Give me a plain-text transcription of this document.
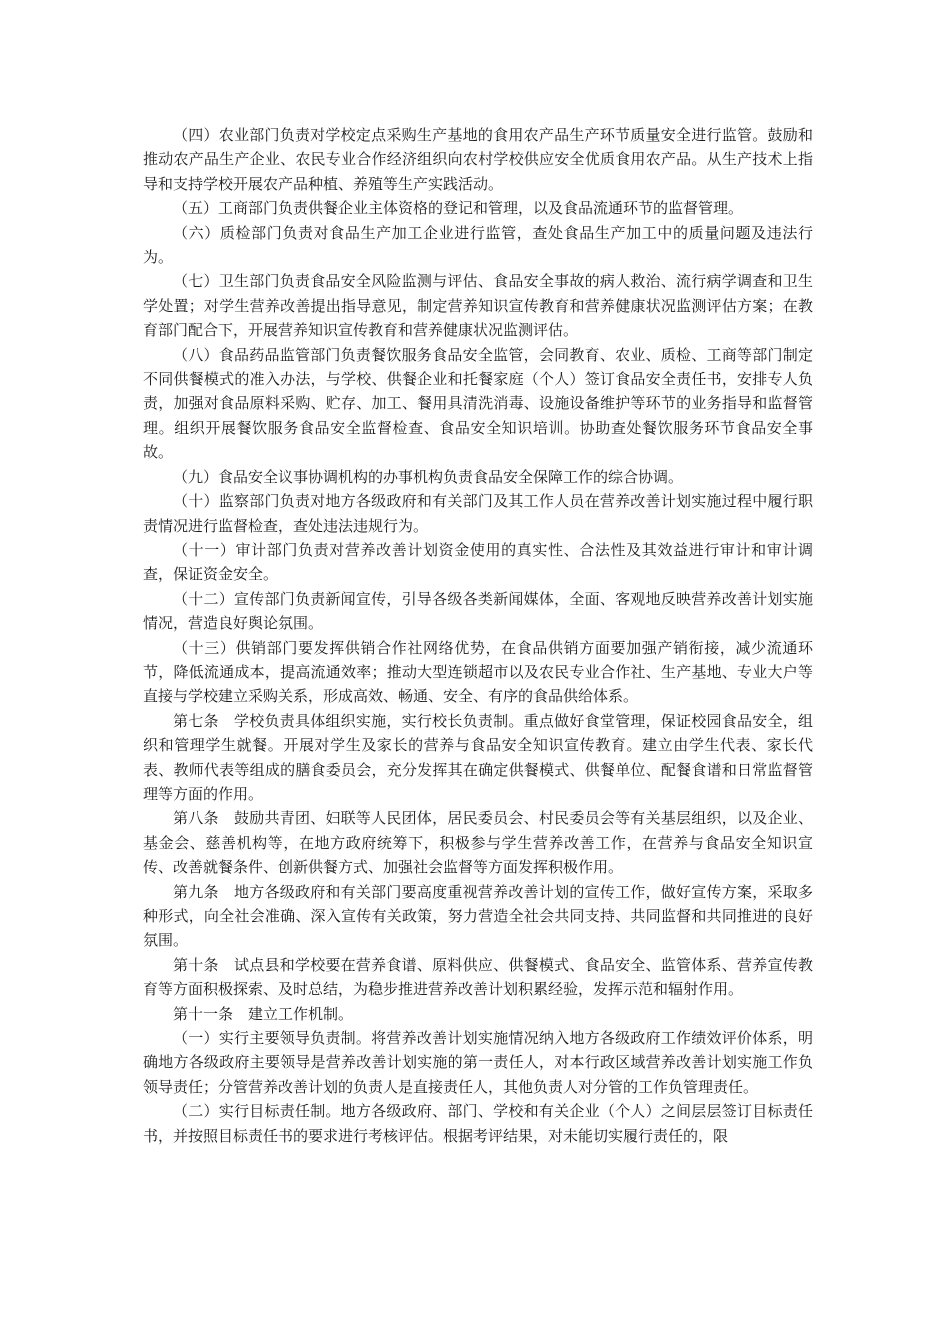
（四）农业部门负责对学校定点采购生产基地的食用农产品生产环节质量安全进行监管。鼓励和推动农产品生产企业、农民专业合作经济组织向农村学校供应安全优质食用农产品。从生产技术上指导和支持学校开展农产品种植、养殖等生产实践活动。

（五）工商部门负责供餐企业主体资格的登记和管理，以及食品流通环节的监督管理。

（六）质检部门负责对食品生产加工企业进行监管，查处食品生产加工中的质量问题及违法行为。

（七）卫生部门负责食品安全风险监测与评估、食品安全事故的病人救治、流行病学调查和卫生学处置；对学生营养改善提出指导意见，制定营养知识宣传教育和营养健康状况监测评估方案；在教育部门配合下，开展营养知识宣传教育和营养健康状况监测评估。

（八）食品药品监管部门负责餐饮服务食品安全监管，会同教育、农业、质检、工商等部门制定不同供餐模式的准入办法，与学校、供餐企业和托餐家庭（个人）签订食品安全责任书，安排专人负责，加强对食品原料采购、贮存、加工、餐用具清洗消毒、设施设备维护等环节的业务指导和监督管理。组织开展餐饮服务食品安全监督检查、食品安全知识培训。协助查处餐饮服务环节食品安全事故。

（九）食品安全议事协调机构的办事机构负责食品安全保障工作的综合协调。

（十）监察部门负责对地方各级政府和有关部门及其工作人员在营养改善计划实施过程中履行职责情况进行监督检查，查处违法违规行为。

（十一）审计部门负责对营养改善计划资金使用的真实性、合法性及其效益进行审计和审计调查，保证资金安全。

（十二）宣传部门负责新闻宣传，引导各级各类新闻媒体，全面、客观地反映营养改善计划实施情况，营造良好舆论氛围。

（十三）供销部门要发挥供销合作社网络优势，在食品供销方面要加强产销衔接，减少流通环节，降低流通成本，提高流通效率；推动大型连锁超市以及农民专业合作社、生产基地、专业大户等直接与学校建立采购关系，形成高效、畅通、安全、有序的食品供给体系。

第七条　学校负责具体组织实施，实行校长负责制。重点做好食堂管理，保证校园食品安全，组织和管理学生就餐。开展对学生及家长的营养与食品安全知识宣传教育。建立由学生代表、家长代表、教师代表等组成的膳食委员会，充分发挥其在确定供餐模式、供餐单位、配餐食谱和日常监督管理等方面的作用。

第八条　鼓励共青团、妇联等人民团体，居民委员会、村民委员会等有关基层组织，以及企业、基金会、慈善机构等，在地方政府统筹下，积极参与学生营养改善工作，在营养与食品安全知识宣传、改善就餐条件、创新供餐方式、加强社会监督等方面发挥积极作用。

第九条　地方各级政府和有关部门要高度重视营养改善计划的宣传工作，做好宣传方案，采取多种形式，向全社会准确、深入宣传有关政策，努力营造全社会共同支持、共同监督和共同推进的良好氛围。

第十条　试点县和学校要在营养食谱、原料供应、供餐模式、食品安全、监管体系、营养宣传教育等方面积极探索、及时总结，为稳步推进营养改善计划积累经验，发挥示范和辐射作用。

第十一条　建立工作机制。

（一）实行主要领导负责制。将营养改善计划实施情况纳入地方各级政府工作绩效评价体系，明确地方各级政府主要领导是营养改善计划实施的第一责任人，对本行政区域营养改善计划实施工作负领导责任；分管营养改善计划的负责人是直接责任人，其他负责人对分管的工作负管理责任。

（二）实行目标责任制。地方各级政府、部门、学校和有关企业（个人）之间层层签订目标责任书，并按照目标责任书的要求进行考核评估。根据考评结果，对未能切实履行责任的，限
